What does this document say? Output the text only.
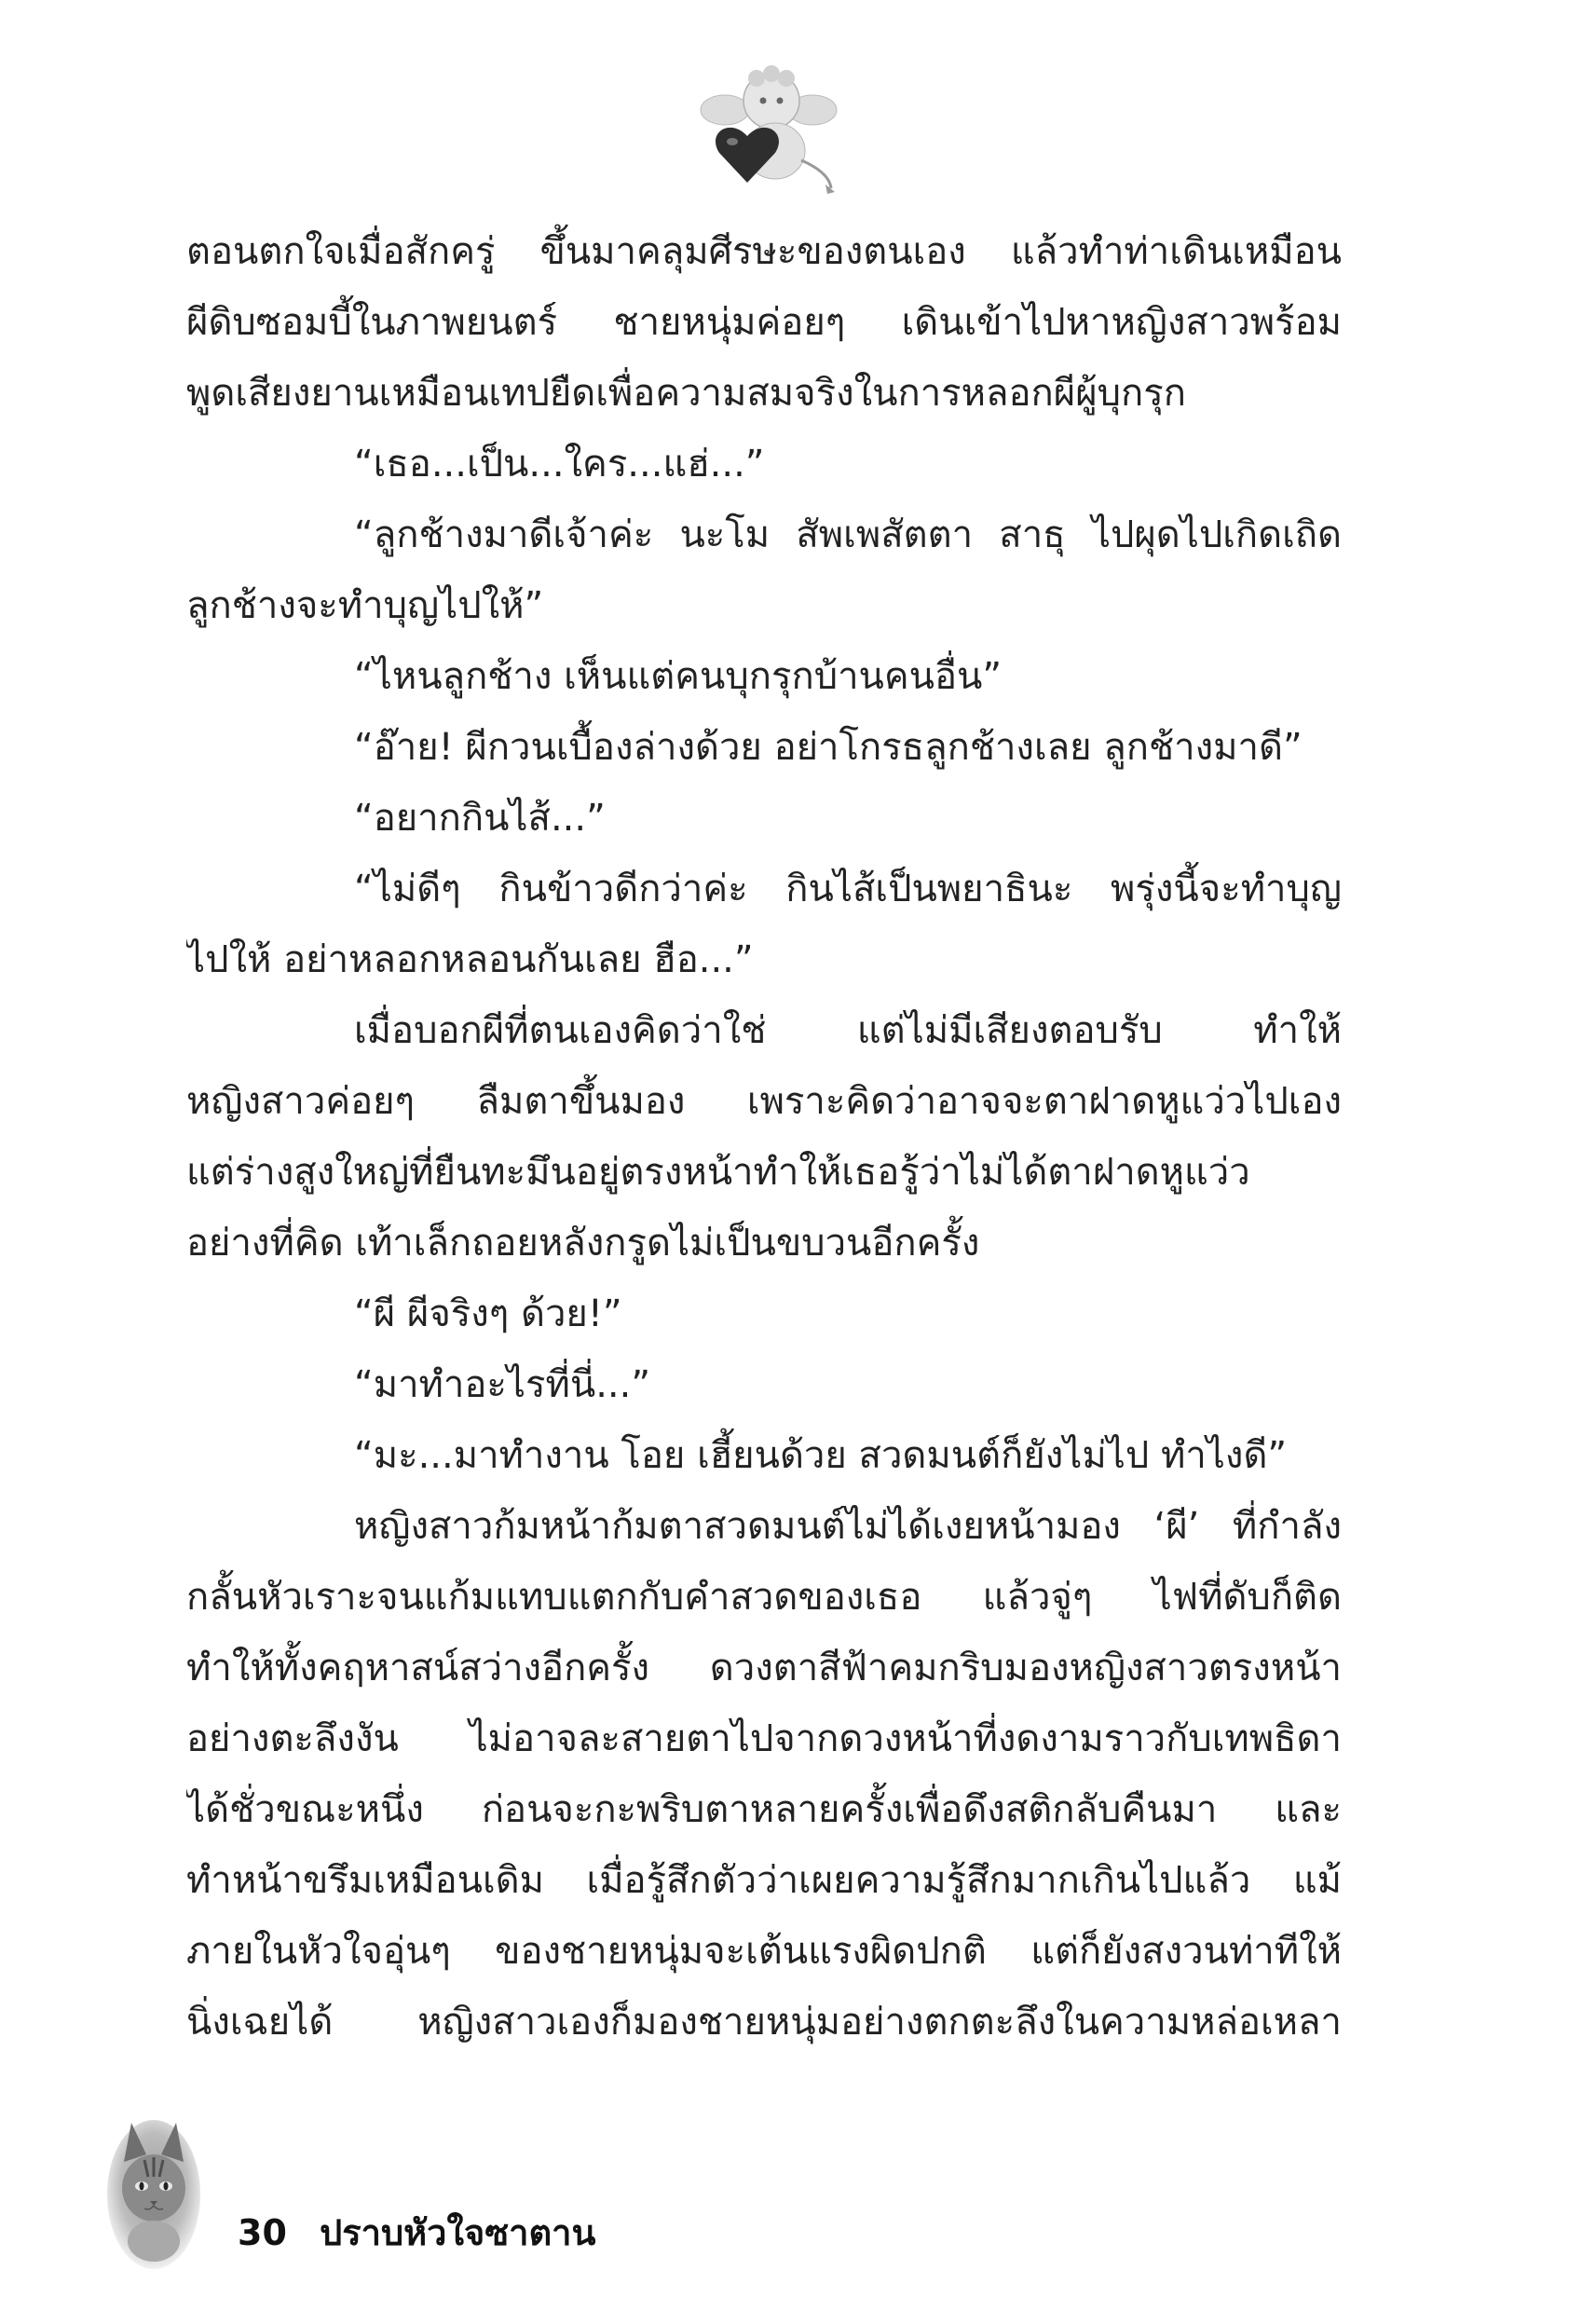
ตอนตกใจเมื่อสักครู่ ขึ้นมาคลุมศีรษะของตนเอง แล้วทำท่าเดินเหมือน
ผีดิบซอมบี้ในภาพยนตร์ ชายหนุ่มค่อยๆ เดินเข้าไปหาหญิงสาวพร้อม
พูดเสียงยานเหมือนเทปยืดเพื่อความสมจริงในการหลอกผีผู้บุกรุก
“เธอ...เป็น...ใคร...แฮ่...”
“ลูกช้างมาดีเจ้าค่ะ นะโม สัพเพสัตตา สาธุ ไปผุดไปเกิดเถิด
ลูกช้างจะทำบุญไปให้”
“ไหนลูกช้าง เห็นแต่คนบุกรุกบ้านคนอื่น”
“อ๊าย! ผีกวนเบื้องล่างด้วย อย่าโกรธลูกช้างเลย ลูกช้างมาดี”
“อยากกินไส้...”
“ไม่ดีๆ กินข้าวดีกว่าค่ะ กินไส้เป็นพยาธินะ พรุ่งนี้จะทำบุญ
ไปให้ อย่าหลอกหลอนกันเลย ฮือ...”
เมื่อบอกผีที่ตนเองคิดว่าใช่ แต่ไม่มีเสียงตอบรับ ทำให้
หญิงสาวค่อยๆ ลืมตาขึ้นมอง เพราะคิดว่าอาจจะตาฝาดหูแว่วไปเอง
แต่ร่างสูงใหญ่ที่ยืนทะมึนอยู่ตรงหน้าทำให้เธอรู้ว่าไม่ได้ตาฝาดหูแว่ว
อย่างที่คิด เท้าเล็กถอยหลังกรูดไม่เป็นขบวนอีกครั้ง
“ผี ผีจริงๆ ด้วย!”
“มาทำอะไรที่นี่...”
“มะ...มาทำงาน โอย เฮี้ยนด้วย สวดมนต์ก็ยังไม่ไป ทำไงดี”
หญิงสาวก้มหน้าก้มตาสวดมนต์ไม่ได้เงยหน้ามอง ‘ผี’ ที่กำลัง
กลั้นหัวเราะจนแก้มแทบแตกกับคำสวดของเธอ แล้วจู่ๆ ไฟที่ดับก็ติด
ทำให้ทั้งคฤหาสน์สว่างอีกครั้ง ดวงตาสีฟ้าคมกริบมองหญิงสาวตรงหน้า
อย่างตะลึงงัน ไม่อาจละสายตาไปจากดวงหน้าที่งดงามราวกับเทพธิดา
ได้ชั่วขณะหนึ่ง ก่อนจะกะพริบตาหลายครั้งเพื่อดึงสติกลับคืนมา และ
ทำหน้าขรึมเหมือนเดิม เมื่อรู้สึกตัวว่าเผยความรู้สึกมากเกินไปแล้ว แม้
ภายในหัวใจอุ่นๆ ของชายหนุ่มจะเต้นแรงผิดปกติ แต่ก็ยังสงวนท่าทีให้
นิ่งเฉยได้ หญิงสาวเองก็มองชายหนุ่มอย่างตกตะลึงในความหล่อเหลา
30 ปราบหัวใจซาตาน
